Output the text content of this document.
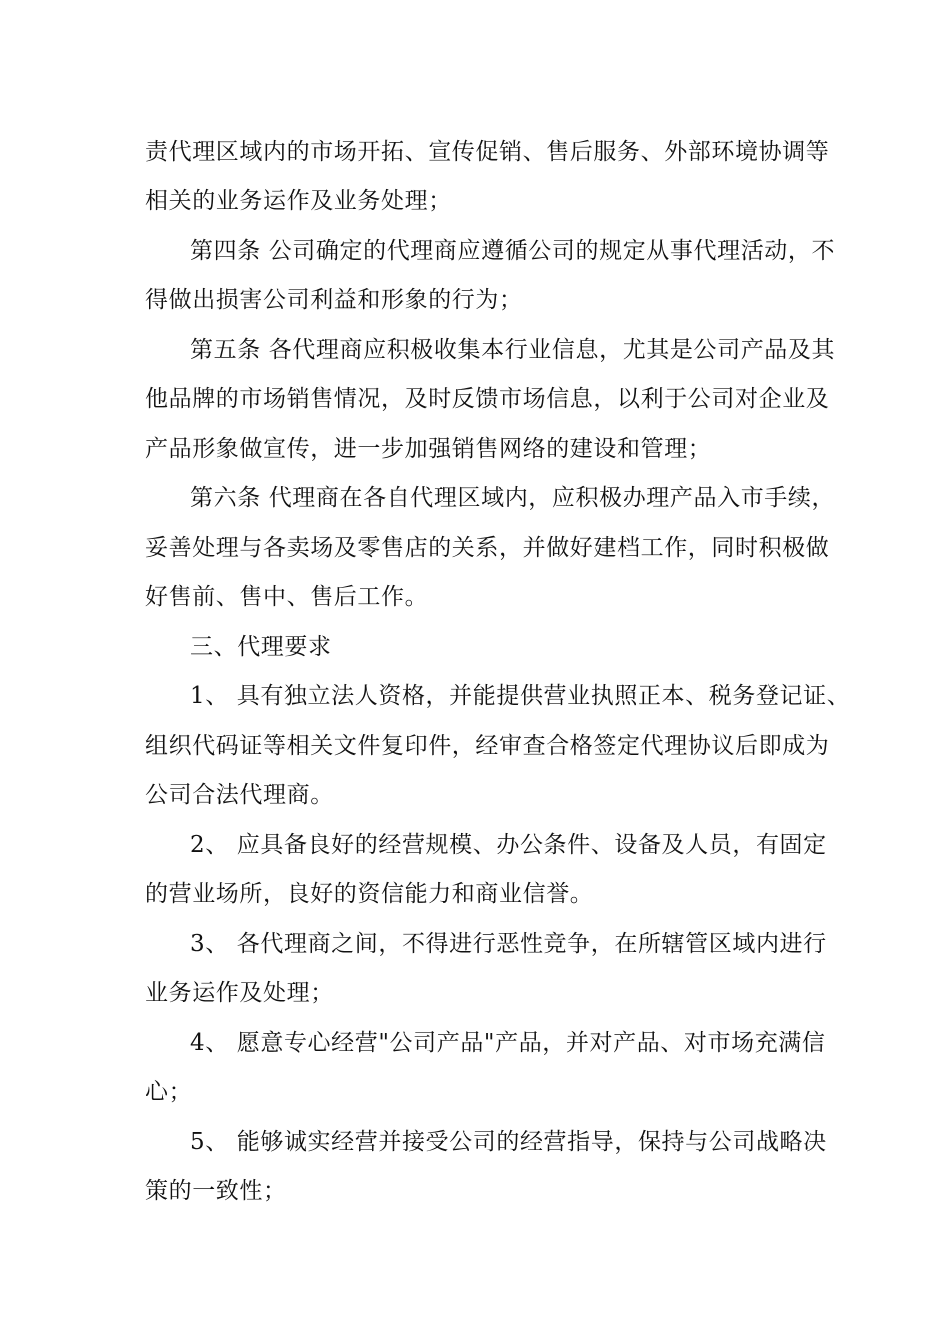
责代理区域内的市场开拓、宣传促销、售后服务、外部环境协调等
相关的业务运作及业务处理；
第四条 公司确定的代理商应遵循公司的规定从事代理活动，不
得做出损害公司利益和形象的行为；
第五条 各代理商应积极收集本行业信息，尤其是公司产品及其
他品牌的市场销售情况，及时反馈市场信息，以利于公司对企业及
产品形象做宣传，进一步加强销售网络的建设和管理；
第六条 代理商在各自代理区域内，应积极办理产品入市手续，
妥善处理与各卖场及零售店的关系，并做好建档工作，同时积极做
好售前、售中、售后工作。
三、代理要求
1、 具有独立法人资格，并能提供营业执照正本、税务登记证、
组织代码证等相关文件复印件，经审查合格签定代理协议后即成为
公司合法代理商。
2、 应具备良好的经营规模、办公条件、设备及人员，有固定
的营业场所，良好的资信能力和商业信誉。
3、 各代理商之间，不得进行恶性竞争，在所辖管区域内进行
业务运作及处理；
4、 愿意专心经营"公司产品"产品，并对产品、对市场充满信
心；
5、 能够诚实经营并接受公司的经营指导，保持与公司战略决
策的一致性；
